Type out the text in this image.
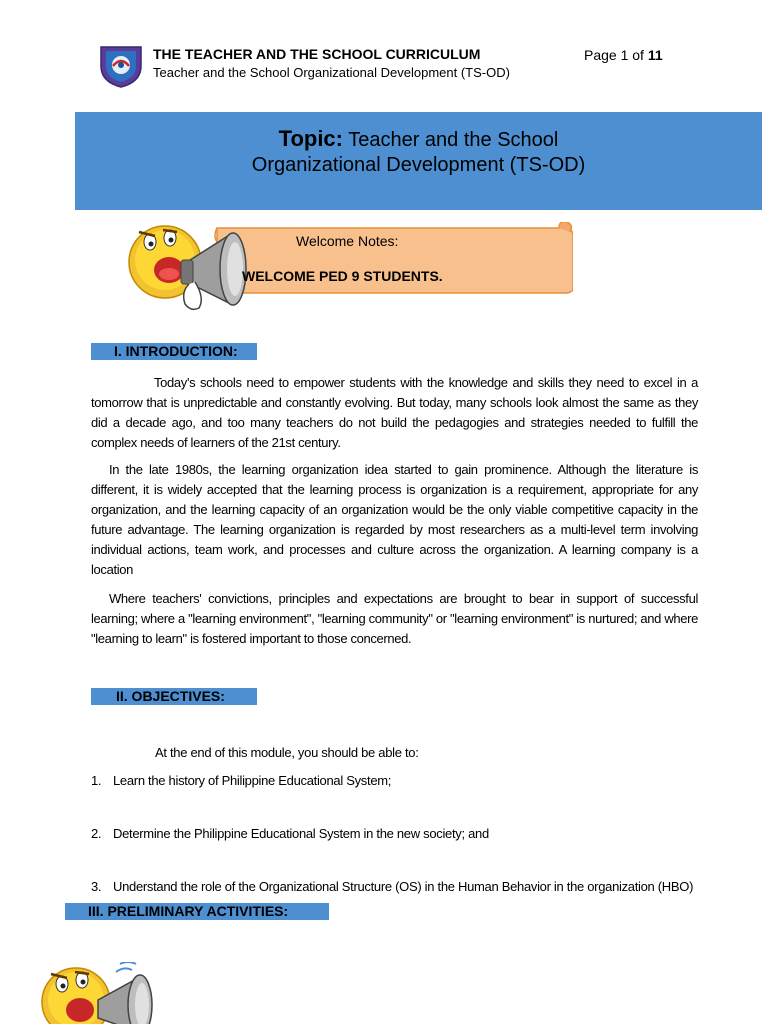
THE TEACHER AND THE SCHOOL CURRICULUM
Teacher and the School Organizational Development (TS-OD)
Page 1 of 11
Topic: Teacher and the School
Organizational Development (TS-OD)
Welcome Notes:
WELCOME PED 9 STUDENTS.
I. INTRODUCTION:
Today's schools need to empower students with the knowledge and skills they need to excel in a tomorrow that is unpredictable and constantly evolving. But today, many schools look almost the same as they did a decade ago, and too many teachers do not build the pedagogies and strategies needed to fulfill the complex needs of learners of the 21st century.
In the late 1980s, the learning organization idea started to gain prominence. Although the literature is different, it is widely accepted that the learning process is organization is a requirement, appropriate for any organization, and the learning capacity of an organization would be the only viable competitive capacity in the future advantage. The learning organization is regarded by most researchers as a multi-level term involving individual actions, team work, and processes and culture across the organization. A learning company is a location
Where teachers' convictions, principles and expectations are brought to bear in support of successful learning; where a "learning environment", "learning community" or "learning environment" is nurtured; and where "learning to learn" is fostered important to those concerned.
II. OBJECTIVES:
At the end of this module, you should be able to:
1. Learn the history of Philippine Educational System;
2. Determine the Philippine Educational System in the new society; and
3. Understand the role of the Organizational Structure (OS) in the Human Behavior in the organization (HBO)
III. PRELIMINARY ACTIVITIES:
